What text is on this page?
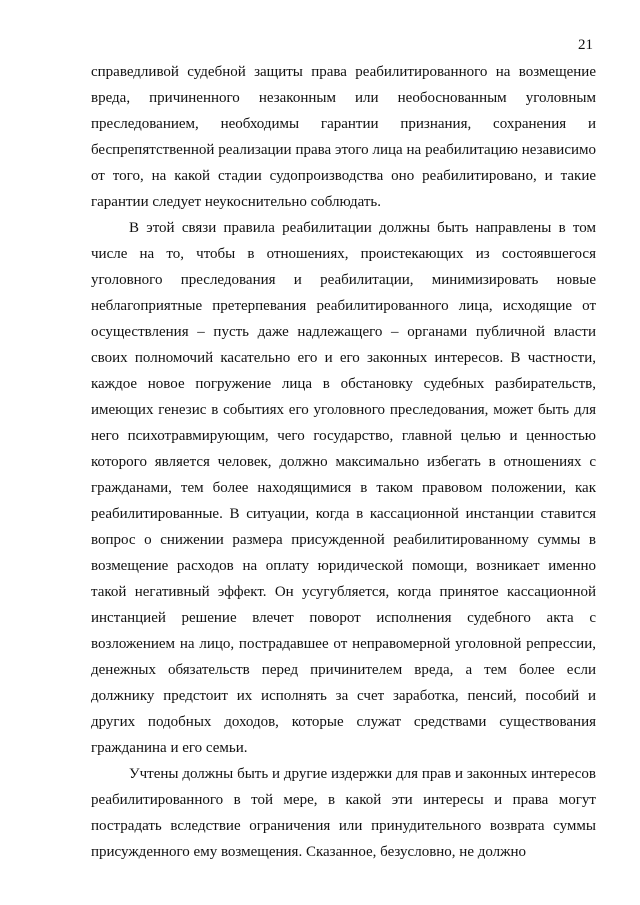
21

справедливой судебной защиты права реабилитированного на возмещение вреда, причиненного незаконным или необоснованным уголовным преследованием, необходимы гарантии признания, сохранения и беспрепятственной реализации права этого лица на реабилитацию независимо от того, на какой стадии судопроизводства оно реабилитировано, и такие гарантии следует неукоснительно соблюдать.

В этой связи правила реабилитации должны быть направлены в том числе на то, чтобы в отношениях, проистекающих из состоявшегося уголовного преследования и реабилитации, минимизировать новые неблагоприятные претерпевания реабилитированного лица, исходящие от осуществления – пусть даже надлежащего – органами публичной власти своих полномочий касательно его и его законных интересов. В частности, каждое новое погружение лица в обстановку судебных разбирательств, имеющих генезис в событиях его уголовного преследования, может быть для него психотравмирующим, чего государство, главной целью и ценностью которого является человек, должно максимально избегать в отношениях с гражданами, тем более находящимися в таком правовом положении, как реабилитированные. В ситуации, когда в кассационной инстанции ставится вопрос о снижении размера присужденной реабилитированному суммы в возмещение расходов на оплату юридической помощи, возникает именно такой негативный эффект. Он усугубляется, когда принятое кассационной инстанцией решение влечет поворот исполнения судебного акта с возложением на лицо, пострадавшее от неправомерной уголовной репрессии, денежных обязательств перед причинителем вреда, а тем более если должнику предстоит их исполнять за счет заработка, пенсий, пособий и других подобных доходов, которые служат средствами существования гражданина и его семьи.

Учтены должны быть и другие издержки для прав и законных интересов реабилитированного в той мере, в какой эти интересы и права могут пострадать вследствие ограничения или принудительного возврата суммы присужденного ему возмещения. Сказанное, безусловно, не должно
